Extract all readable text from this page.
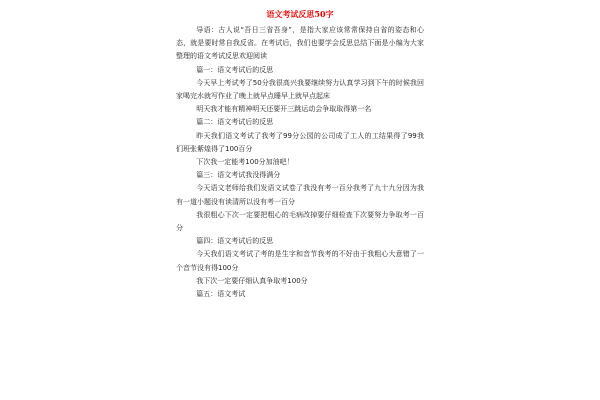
语文考试反思50字
导语：古人说“吾日三省吾身”，是指大家应该常常保持自省的姿态和心态，就是要时常自我反省。在考试后，我们也要学会反思总结下面是小编为大家整理的语文考试反思欢迎阅读
篇一：语文考试后的反思
今天早上考试考了50分我很高兴我要继续努力认真学习到下午的时候我回家喝完水就写作业了晚上就早点睡早上就早点起床
明天我才能有精神明天还要开三跳运动会争取取得第一名
篇二：语文考试后的反思
昨天我们语文考试了我考了99分公园的公司成了工人的工结果得了99我们班张紫煌得了100百分
下次我一定能考100分加油吧！
篇三：语文考试我没得满分
今天语文老师给我们发语文试卷了我没有考一百分我考了九十九分因为我有一道小题没有读清所以没有考一百分
我很粗心下次一定要把粗心的毛病改掉要仔细检查下次要努力争取考一百分
篇四：语文考试后的反思
今天我们语文考试了考的是生字和音节我考的不好由于我粗心大意错了一个音节没有得100分
我下次一定要仔细认真争取考100分
篇五：语文考试
